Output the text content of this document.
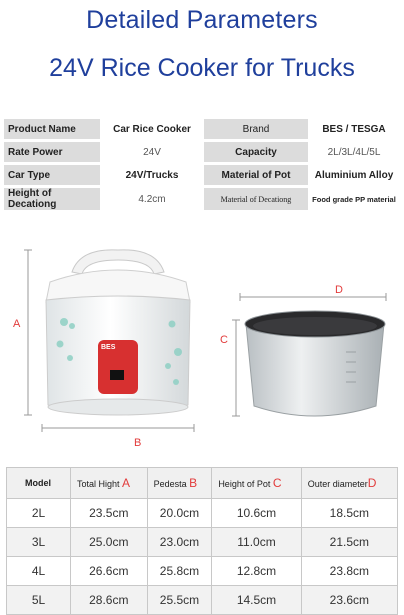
Detailed Parameters
24V Rice Cooker for Trucks
Product Name	Car Rice Cooker	Brand	BES / TESGA
Rate Power	24V	Capacity	2L/3L/4L/5L
Car Type	24V/Trucks	Material of Pot	Aluminium Alloy
Height of Decationg	4.2cm	Material of Decationg	Food grade PP material
A
B
C
D
BES
Model	Total Hight A	Pedesta B	Height of Pot C	Outer diameterD
2L	23.5cm	20.0cm	10.6cm	18.5cm
3L	25.0cm	23.0cm	11.0cm	21.5cm
4L	26.6cm	25.8cm	12.8cm	23.8cm
5L	28.6cm	25.5cm	14.5cm	23.6cm
